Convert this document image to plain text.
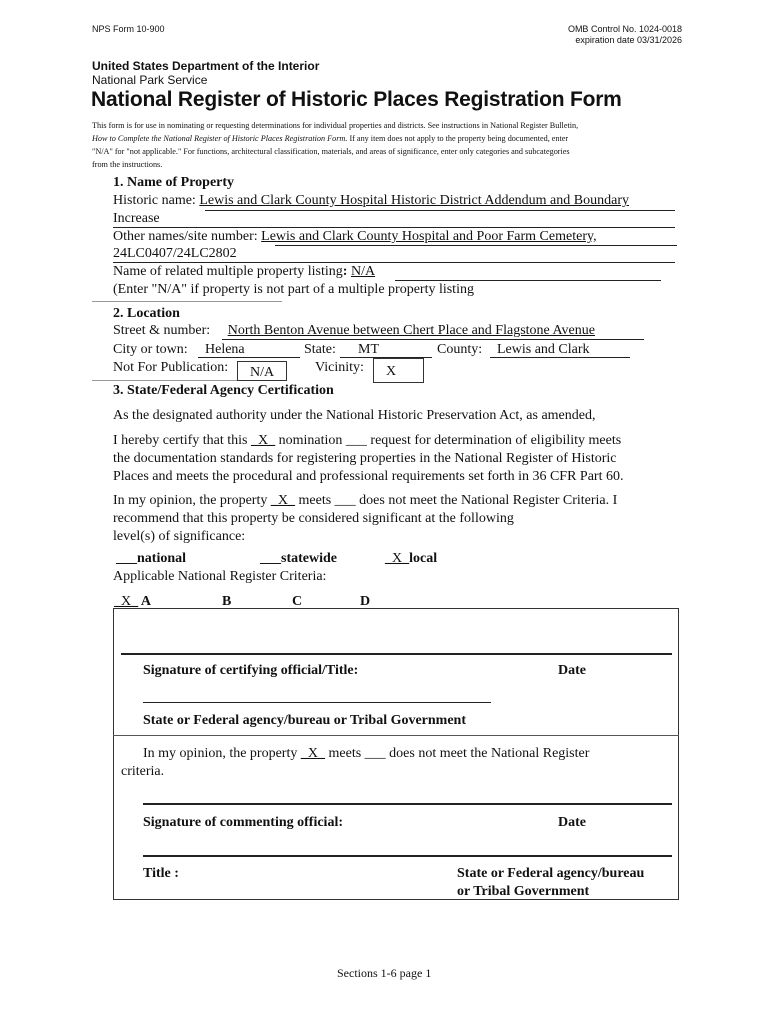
NPS Form 10-900	OMB Control No. 1024-0018
expiration date 03/31/2026
United States Department of the Interior
National Park Service
National Register of Historic Places Registration Form
This form is for use in nominating or requesting determinations for individual properties and districts. See instructions in National Register Bulletin,
How to Complete the National Register of Historic Places Registration Form. If any item does not apply to the property being documented, enter
"N/A" for "not applicable." For functions, architectural classification, materials, and areas of significance, enter only categories and subcategories
from the instructions.
1. Name of Property
Historic name: Lewis and Clark County Hospital Historic District Addendum and Boundary
Increase
Other names/site number: Lewis and Clark County Hospital and Poor Farm Cemetery,
24LC0407/24LC2802
Name of related multiple property listing: N/A
(Enter "N/A" if property is not part of a multiple property listing
2. Location
Street & number: North Benton Avenue between Chert Place and Flagstone Avenue
City or town: Helena	State: MT	County: Lewis and Clark
Not For Publication:	N/A	Vicinity:	X
3. State/Federal Agency Certification
As the designated authority under the National Historic Preservation Act, as amended,
I hereby certify that this _X_ nomination ___ request for determination of eligibility meets
the documentation standards for registering properties in the National Register of Historic
Places and meets the procedural and professional requirements set forth in 36 CFR Part 60.
In my opinion, the property _X_ meets ___ does not meet the National Register Criteria. I
recommend that this property be considered significant at the following
level(s) of significance:
___national	___statewide	_X_local
Applicable National Register Criteria:
_X_ A	B	C	D
Signature of certifying official/Title:	Date
State or Federal agency/bureau or Tribal Government
In my opinion, the property _X_ meets ___ does not meet the National Register
criteria.
Signature of commenting official:	Date
Title :	State or Federal agency/bureau
or Tribal Government
Sections 1-6 page 1
